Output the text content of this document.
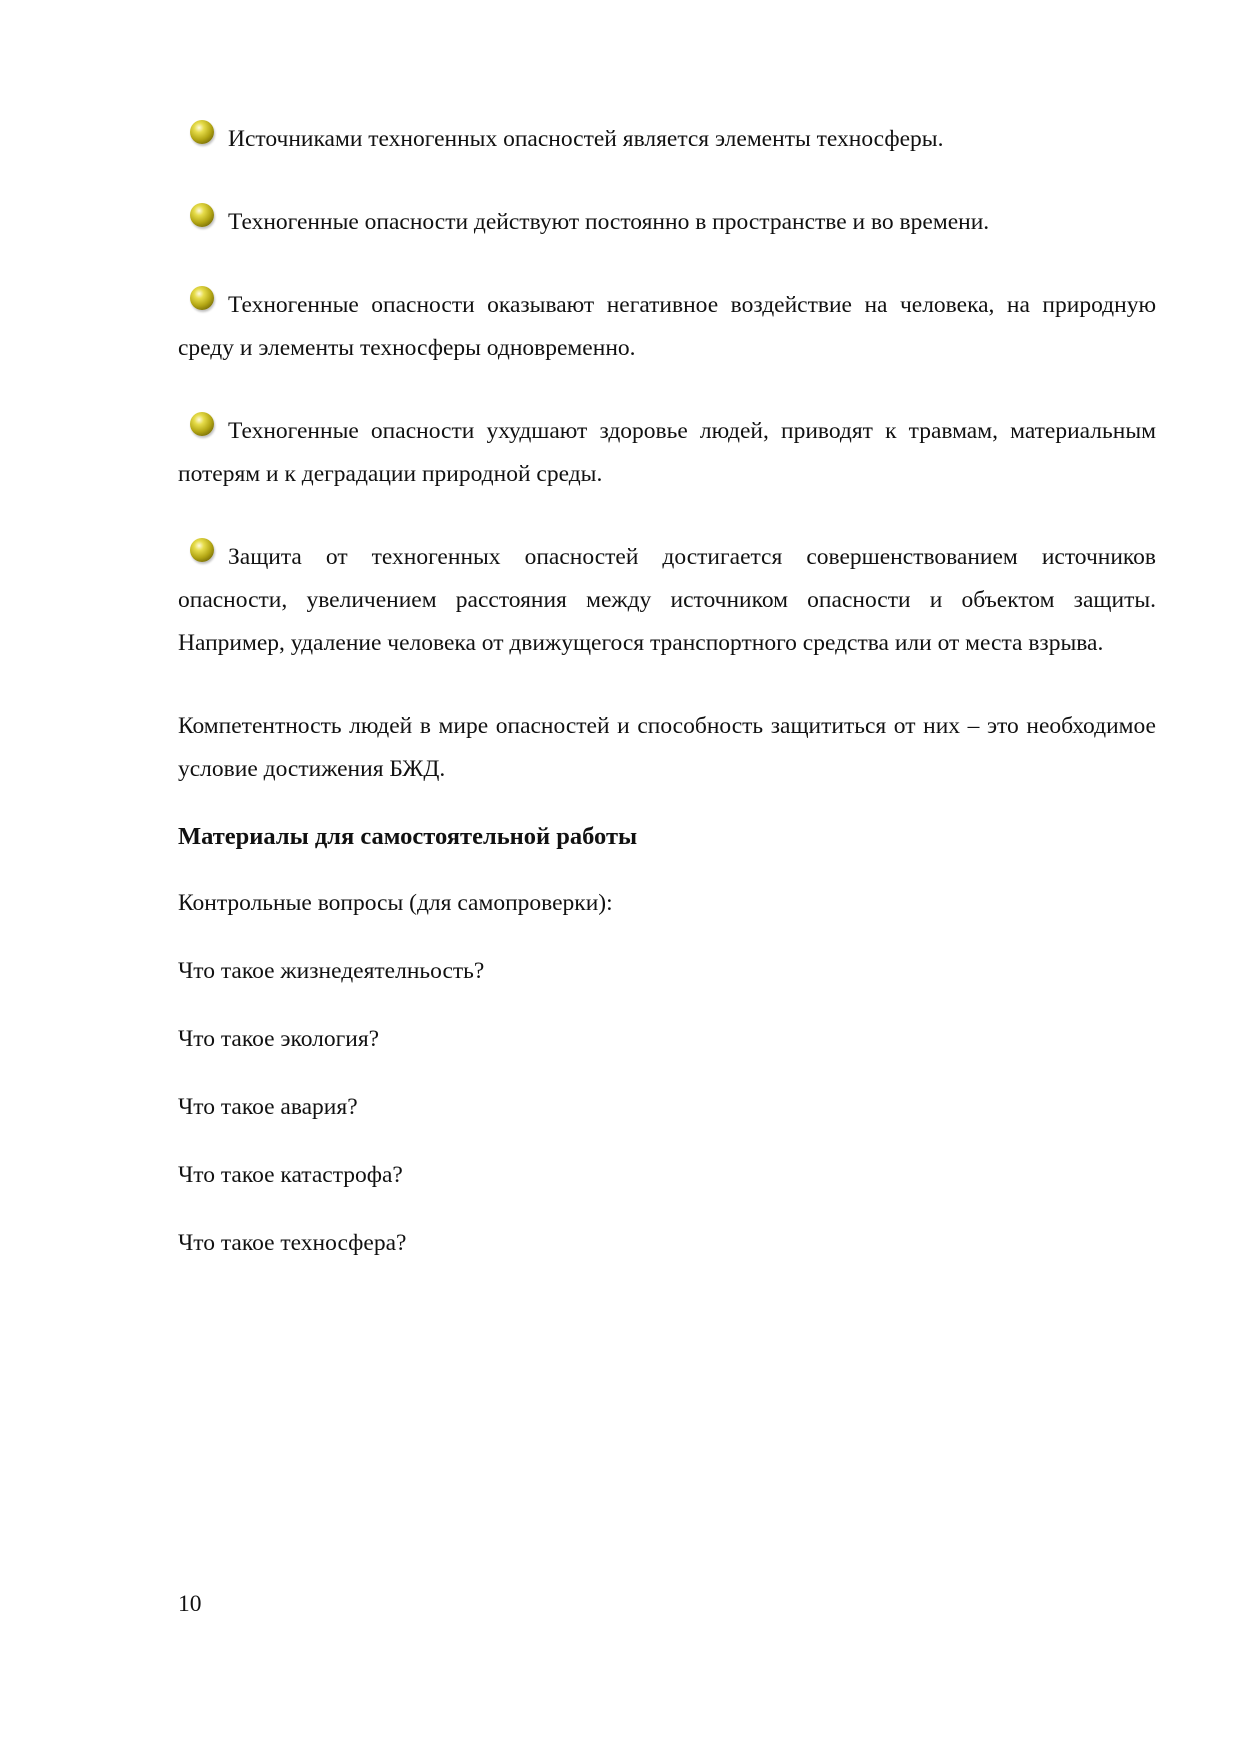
Источниками техногенных опасностей является элементы техносферы.

Техногенные опасности действуют постоянно в пространстве и во времени.

Техногенные опасности оказывают негативное воздействие на человека, на природную среду и элементы техносферы одновременно.

Техногенные опасности ухудшают здоровье людей, приводят к травмам, материальным потерям и к деградации природной среды.

Защита от техногенных опасностей достигается совершенствованием источников опасности, увеличением расстояния между источником опасности и объектом защиты. Например, удаление человека от движущегося транспортного средства или от места взрыва.

Компетентность людей в мире опасностей и способность защититься от них – это необходимое условие достижения БЖД.

Материалы для самостоятельной работы

Контрольные вопросы (для самопроверки):

Что такое жизнедеятелньость?

Что такое экология?

Что такое авария?

Что такое катастрофа?

Что такое техносфера?

10
